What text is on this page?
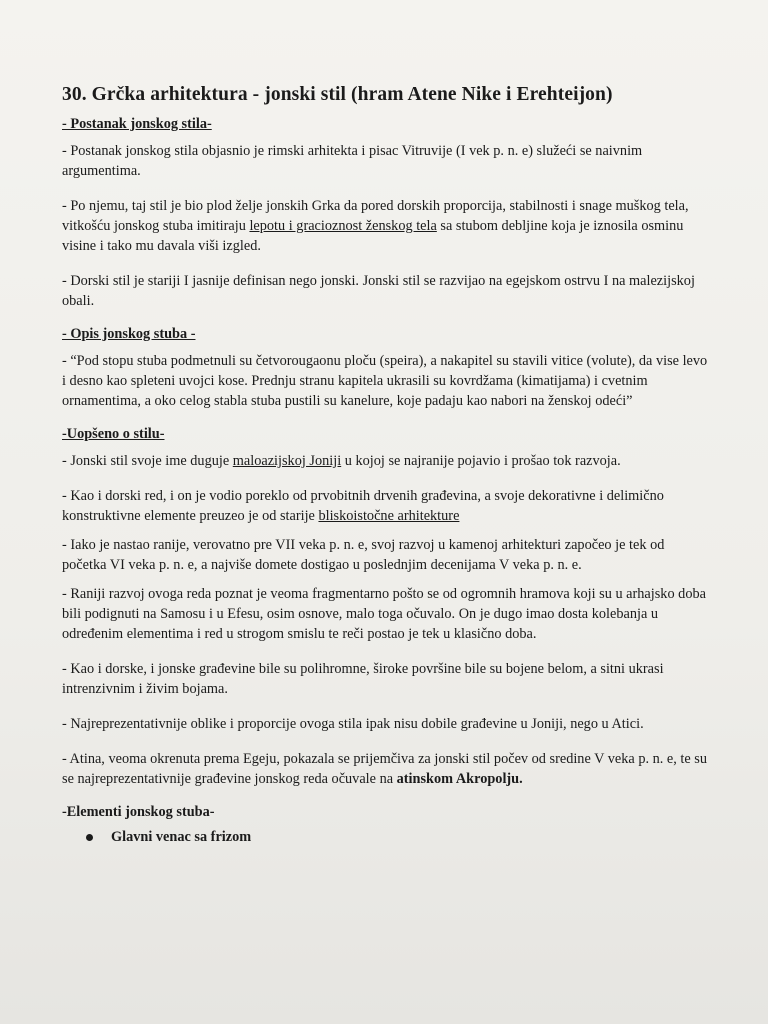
30. Grčka arhitektura - jonski stil (hram Atene Nike i Erehteijon)
- Postanak jonskog stila-

- Postanak jonskog stila objasnio je rimski arhitekta i pisac Vitruvije (I vek p. n. e) služeći se naivnim argumentima.

- Po njemu, taj stil je bio plod želje jonskih Grka da pored dorskih proporcija, stabilnosti i snage muškog tela, vitkošću jonskog stuba imitiraju lepotu i gracioznost ženskog tela sa stubom debljine koja je iznosila osminu visine i tako mu davala viši izgled.

- Dorski stil je stariji I jasnije definisan nego jonski. Jonski stil se razvijao na egejskom ostrvu I na malezijskoj obali.

- Opis jonskog stuba -

- “Pod stopu stuba podmetnuli su četvorougaonu ploču (speira), a nakapitel su stavili vitice (volute), da vise levo i desno kao spleteni uvojci kose. Prednju stranu kapitela ukrasili su kovrdžama (kimatijama) i cvetnim ornamentima, a oko celog stabla stuba pustili su kanelure, koje padaju kao nabori na ženskoj odeći”

-Uopšeno o stilu-

- Jonski stil svoje ime duguje maloazijskoj Joniji u kojoj se najranije pojavio i prošao tok razvoja.

- Kao i dorski red, i on je vodio poreklo od prvobitnih drvenih građevina, a svoje dekorativne i delimično konstruktivne elemente preuzeo je od starije bliskoistočne arhitekture

- Iako je nastao ranije, verovatno pre VII veka p. n. e, svoj razvoj u kamenoj arhitekturi započeo je tek od početka VI veka p. n. e, a najviše domete dostigao u poslednjim decenijama V veka p. n. e.

- Raniji razvoj ovoga reda poznat je veoma fragmentarno pošto se od ogromnih hramova koji su u arhajsko doba bili podignuti na Samosu i u Efesu, osim osnove, malo toga očuvalo. On je dugo imao dosta kolebanja u određenim elementima i red u strogom smislu te reči postao je tek u klasično doba.

- Kao i dorske, i jonske građevine bile su polihromne, široke površine bile su bojene belom, a sitni ukrasi intrenzivnim i živim bojama.

- Najreprezentativnije oblike i proporcije ovoga stila ipak nisu dobile građevine u Joniji, nego u Atici.

- Atina, veoma okrenuta prema Egeju, pokazala se prijemčiva za jonski stil počev od sredine V veka p. n. e, te su se najreprezentativnije građevine jonskog reda očuvale na atinskom Akropolju.

-Elementi jonskog stuba-
Glavni venac sa frizom
